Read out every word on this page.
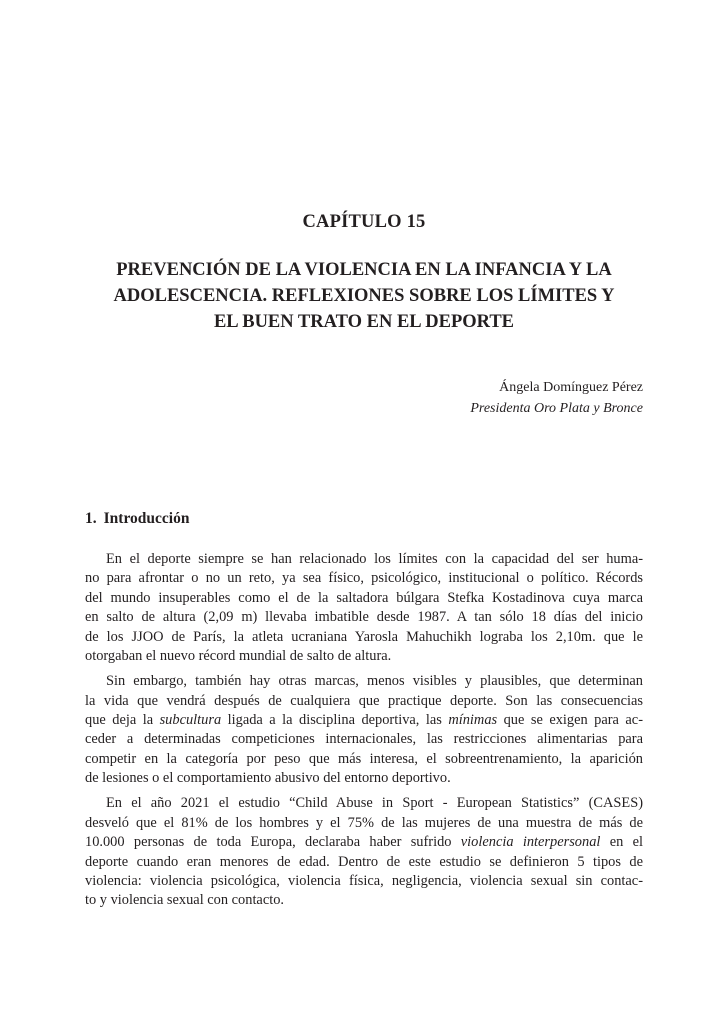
CAPÍTULO 15
PREVENCIÓN DE LA VIOLENCIA EN LA INFANCIA Y LA
ADOLESCENCIA. REFLEXIONES SOBRE LOS LÍMITES Y
EL BUEN TRATO EN EL DEPORTE
Ángela Domínguez Pérez
Presidenta Oro Plata y Bronce
1. Introducción
En el deporte siempre se han relacionado los límites con la capacidad del ser huma-
no para afrontar o no un reto, ya sea físico, psicológico, institucional o político. Récords
del mundo insuperables como el de la saltadora búlgara Stefka Kostadinova cuya marca
en salto de altura (2,09 m) llevaba imbatible desde 1987. A tan sólo 18 días del inicio
de los JJOO de París, la atleta ucraniana Yarosla Mahuchikh lograba los 2,10m. que le
otorgaban el nuevo récord mundial de salto de altura.
Sin embargo, también hay otras marcas, menos visibles y plausibles, que determinan
la vida que vendrá después de cualquiera que practique deporte. Son las consecuencias
que deja la subcultura ligada a la disciplina deportiva, las mínimas que se exigen para ac-
ceder a determinadas competiciones internacionales, las restricciones alimentarias para
competir en la categoría por peso que más interesa, el sobreentrenamiento, la aparición
de lesiones o el comportamiento abusivo del entorno deportivo.
En el año 2021 el estudio “Child Abuse in Sport - European Statistics” (CASES)
desveló que el 81% de los hombres y el 75% de las mujeres de una muestra de más de
10.000 personas de toda Europa, declaraba haber sufrido violencia interpersonal en el
deporte cuando eran menores de edad. Dentro de este estudio se definieron 5 tipos de
violencia: violencia psicológica, violencia física, negligencia, violencia sexual sin contac-
to y violencia sexual con contacto.
